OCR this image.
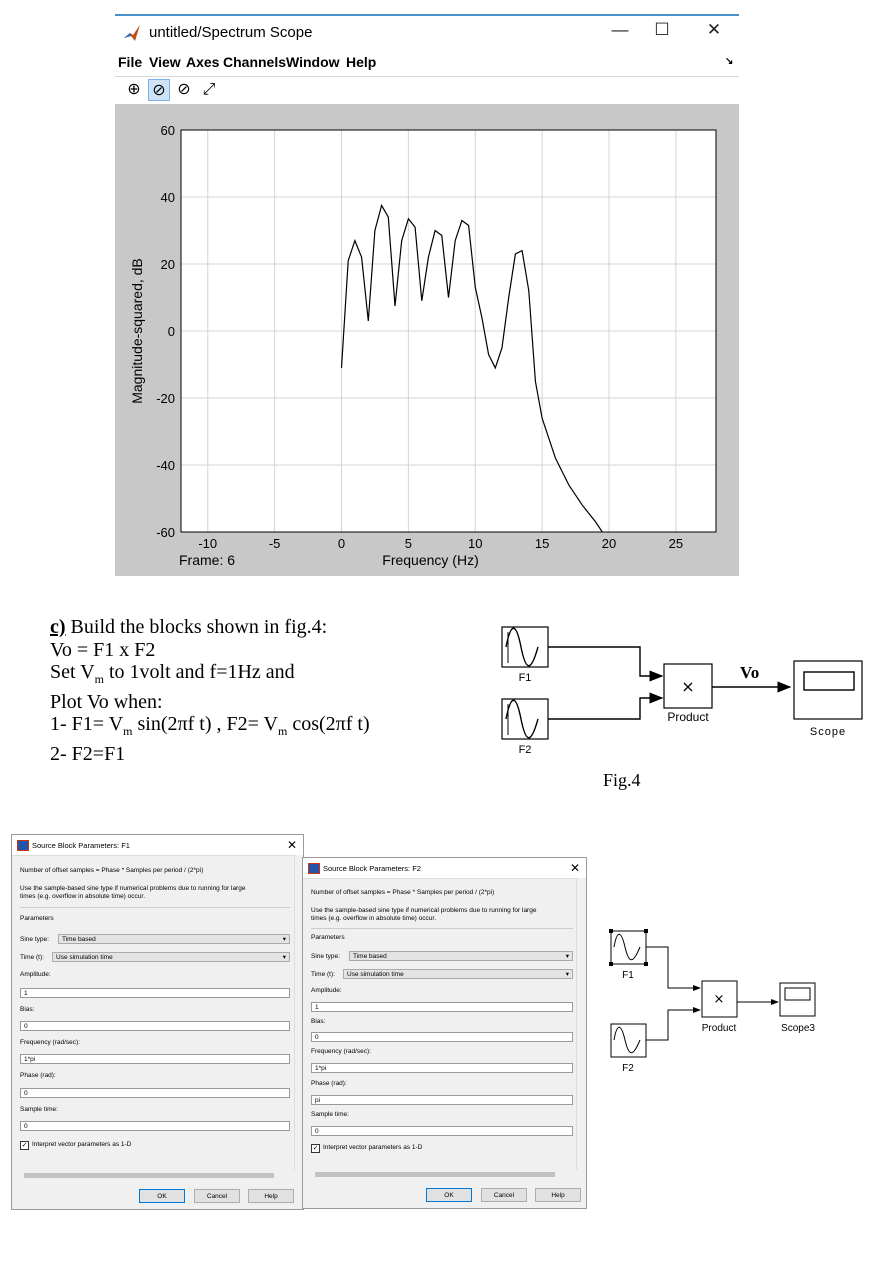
untitled/Spectrum Scope	—	☐	✕
File View Axes Channels Window Help	↘
⊕ ⊘ ⊘ ⤢
-10	-5	0	5	10	15	20	25
60
40
20
0
-20
-40
-60
Frequency (Hz)
Magnitude-squared, dB
Frame: 6
c) Build the blocks shown in fig.4:
Vo = F1 x F2
Set $V_m$ to 1volt and f=1Hz and
Plot Vo when:
1- $F1= V_m$ sin(2πf t) , $F2= V_m$ cos(2πf t)
2- F2=F1
F1
F2
×
Product
Vo
Scope
Fig.4
Source Block Parameters: F1	✕
Number of offset samples = Phase * Samples per period / (2*pi)
Use the sample-based sine type if numerical problems due to running for large
times (e.g. overflow in absolute time) occur.
Parameters
Sine type:	Time based	▾
Time (t):	Use simulation time	▾
Amplitude:
1
Bias:
0
Frequency (rad/sec):
1*pi
Phase (rad):
0
Sample time:
0
✓ Interpret vector parameters as 1-D
OK	Cancel	Help
Source Block Parameters: F2	✕
Number of offset samples = Phase * Samples per period / (2*pi)
Use the sample-based sine type if numerical problems due to running for large
times (e.g. overflow in absolute time) occur.
Parameters
Sine type:	Time based	▾
Time (t):	Use simulation time	▾
Amplitude:
1
Bias:
0
Frequency (rad/sec):
1*pi
Phase (rad):
pi
Sample time:
0
✓ Interpret vector parameters as 1-D
OK	Cancel	Help
F1
F2
×
Product	Scope3
